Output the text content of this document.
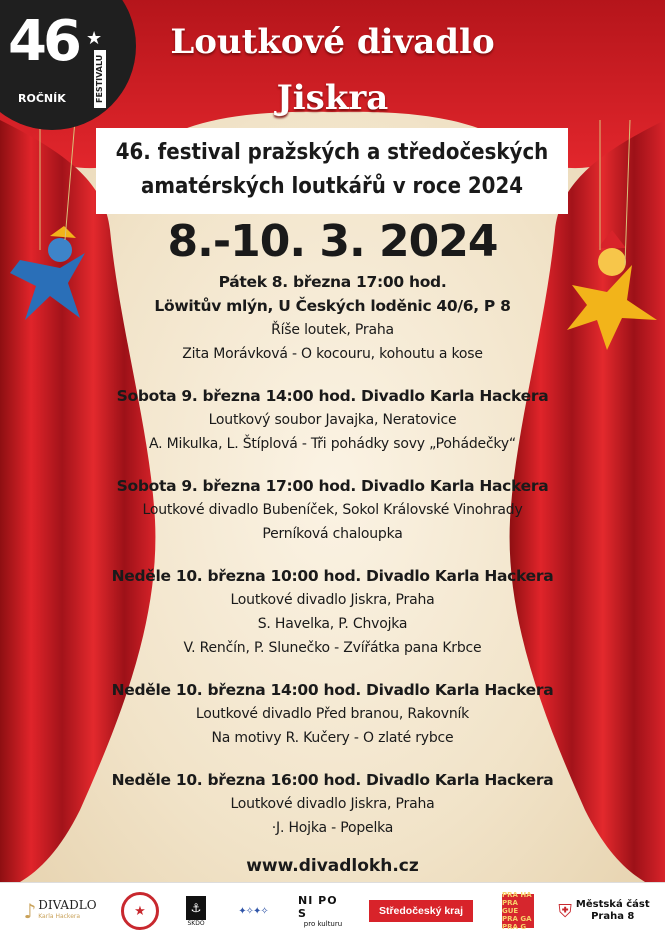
46 ★
ROČNÍK	FESTIVALU
Loutkové divadlo
Jiskra
46. festival pražských a středočeských
amatérských loutkářů v roce 2024
8.-10. 3. 2024
Pátek 8. března 17:00 hod.
Löwitův mlýn, U Českých loděnic 40/6, P 8
Říše loutek, Praha
Zita Morávková - O kocouru, kohoutu a kose
Sobota 9. března 14:00 hod. Divadlo Karla Hackera
Loutkový soubor Javajka, Neratovice
A. Mikulka, L. Štíplová - Tři pohádky sovy „Pohádečky“
Sobota 9. března 17:00 hod. Divadlo Karla Hackera
Loutkové divadlo Bubeníček, Sokol Královské Vinohrady
Perníková chaloupka
Neděle 10. března 10:00 hod. Divadlo Karla Hackera
Loutkové divadlo Jiskra, Praha
S. Havelka, P. Chvojka
V. Renčín, P. Slunečko - Zvířátka pana Krbce
Neděle 10. března 14:00 hod. Divadlo Karla Hackera
Loutkové divadlo Před branou, Rakovník
Na motivy R. Kučery - O zlaté rybce
Neděle 10. března 16:00 hod. Divadlo Karla Hackera
Loutkové divadlo Jiskra, Praha
·J. Hojka - Popelka
www.divadlokh.cz
♪ DIVADLO
Karla Hackera	★	⚓
SKDO
✦✧✦✧
NI PO S
pro kulturu
Středočeský kraj
PRA HA PRA GUE PRA GA PRA G
⛨ Městská část
Praha 8
